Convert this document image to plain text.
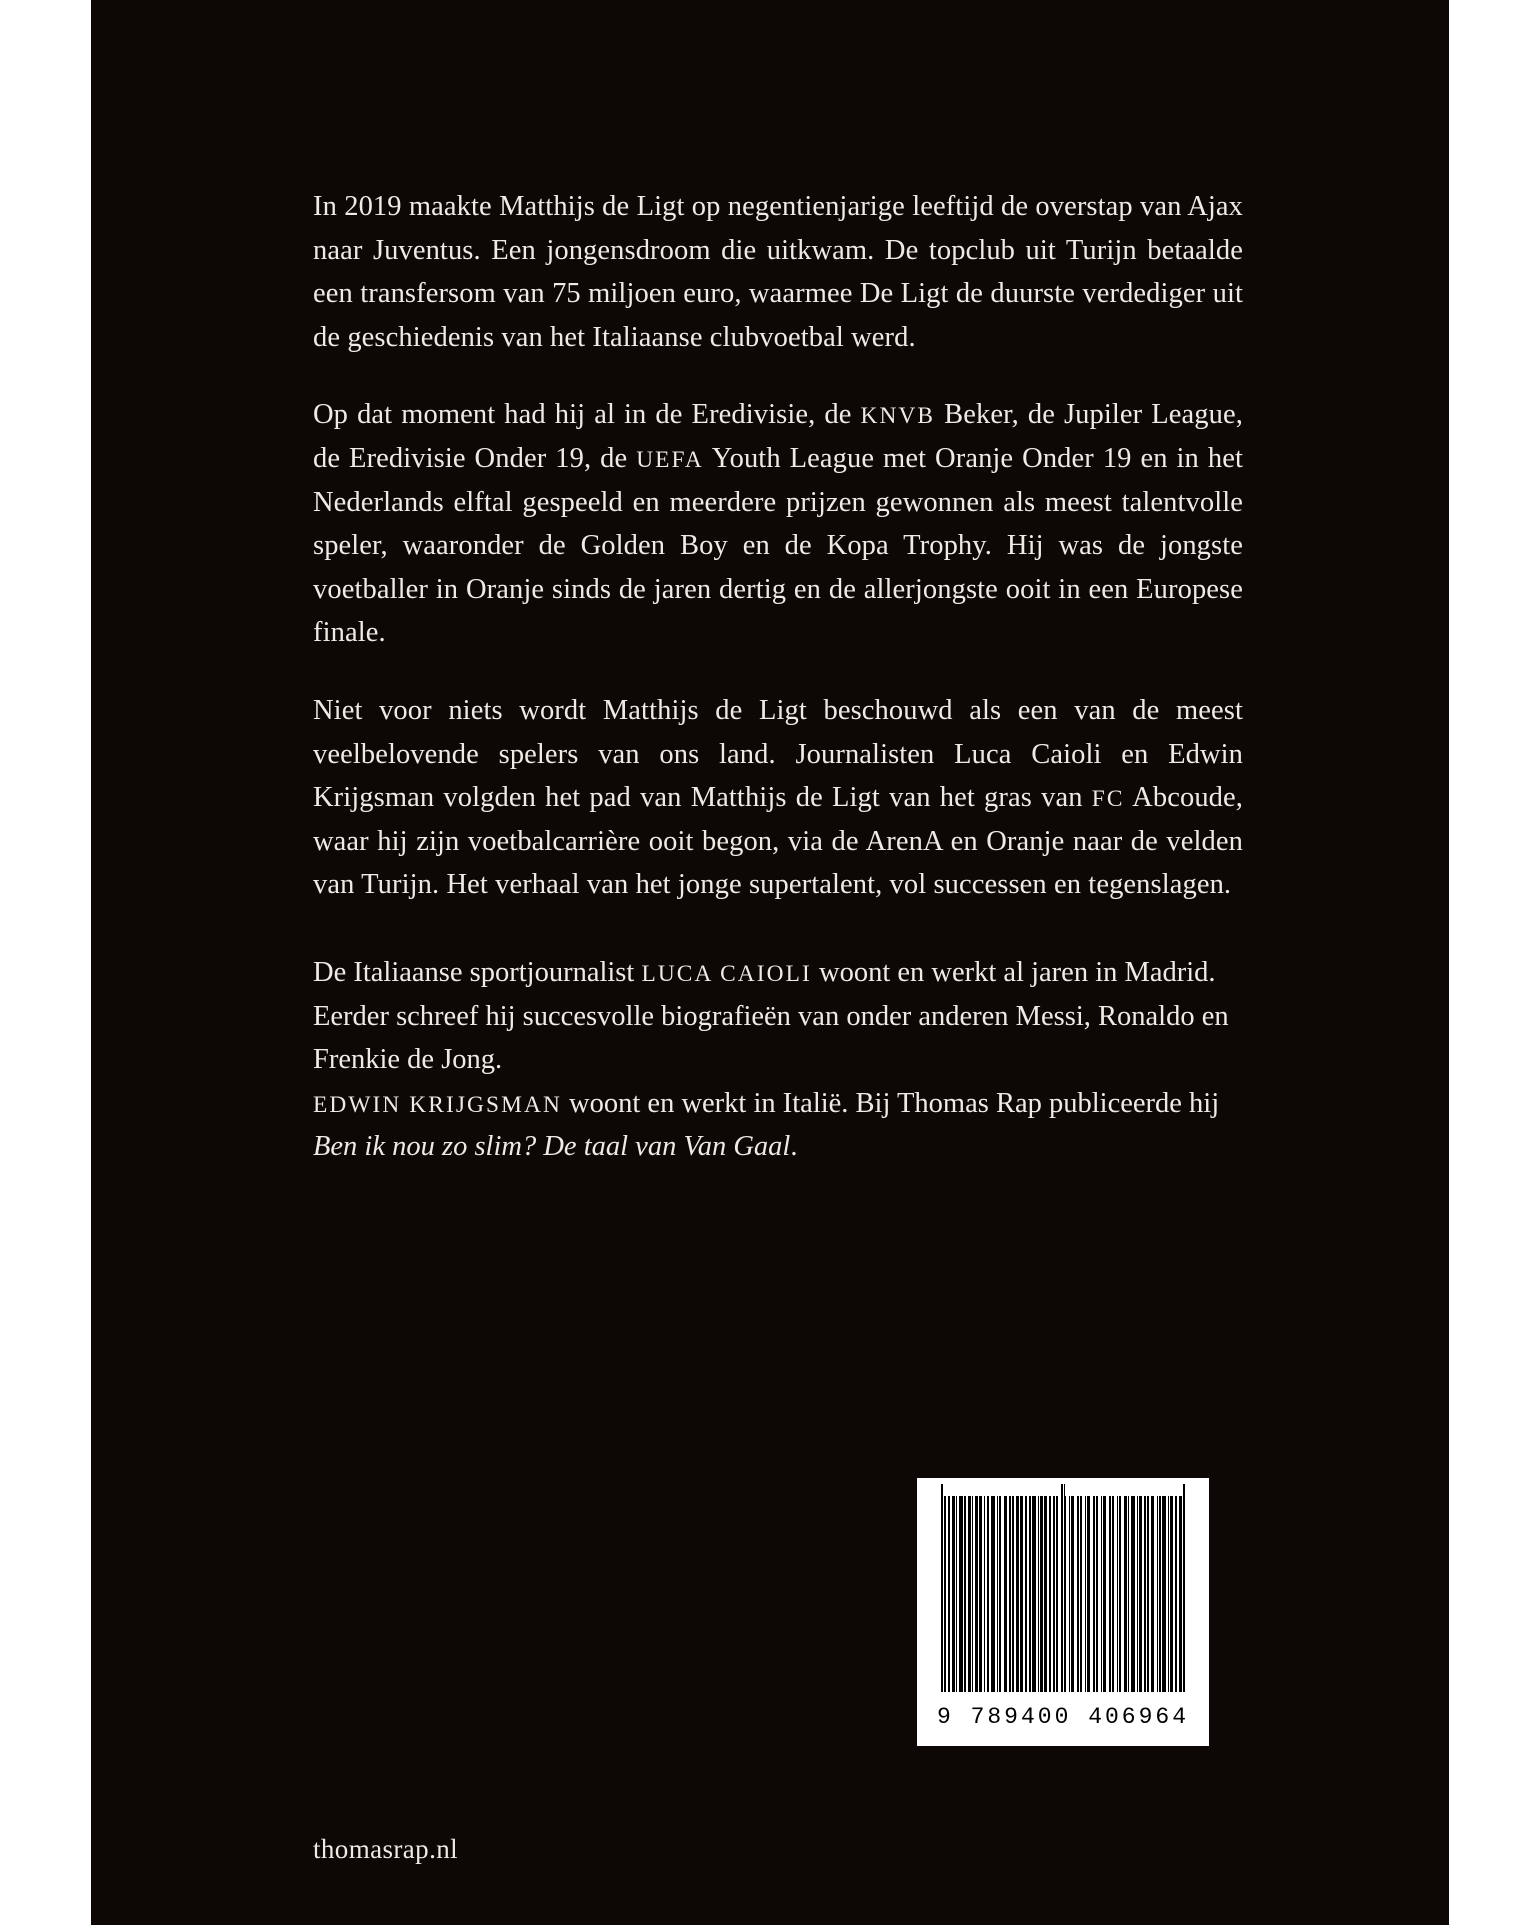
In 2019 maakte Matthijs de Ligt op negentienjarige leeftijd de overstap van Ajax naar Juventus. Een jongensdroom die uitkwam. De topclub uit Turijn betaalde een transfersom van 75 miljoen euro, waarmee De Ligt de duurste verdediger uit de geschiedenis van het Italiaanse clubvoetbal werd.

Op dat moment had hij al in de Eredivisie, de KNVB Beker, de Jupiler League, de Eredivisie Onder 19, de UEFA Youth League met Oranje Onder 19 en in het Nederlands elftal gespeeld en meerdere prijzen gewonnen als meest talentvolle speler, waaronder de Golden Boy en de Kopa Trophy. Hij was de jongste voetballer in Oranje sinds de jaren dertig en de allerjongste ooit in een Europese finale.

Niet voor niets wordt Matthijs de Ligt beschouwd als een van de meest veelbelovende spelers van ons land. Journalisten Luca Caioli en Edwin Krijgsman volgden het pad van Matthijs de Ligt van het gras van FC Abcoude, waar hij zijn voetbalcarrière ooit begon, via de ArenA en Oranje naar de velden van Turijn. Het verhaal van het jonge supertalent, vol successen en tegenslagen.

De Italiaanse sportjournalist LUCA CAIOLI woont en werkt al jaren in Madrid. Eerder schreef hij succesvolle biografieën van onder anderen Messi, Ronaldo en Frenkie de Jong.

EDWIN KRIJGSMAN woont en werkt in Italië. Bij Thomas Rap publiceerde hij Ben ik nou zo slim? De taal van Van Gaal.

9 789400 406964
thomasrap.nl
